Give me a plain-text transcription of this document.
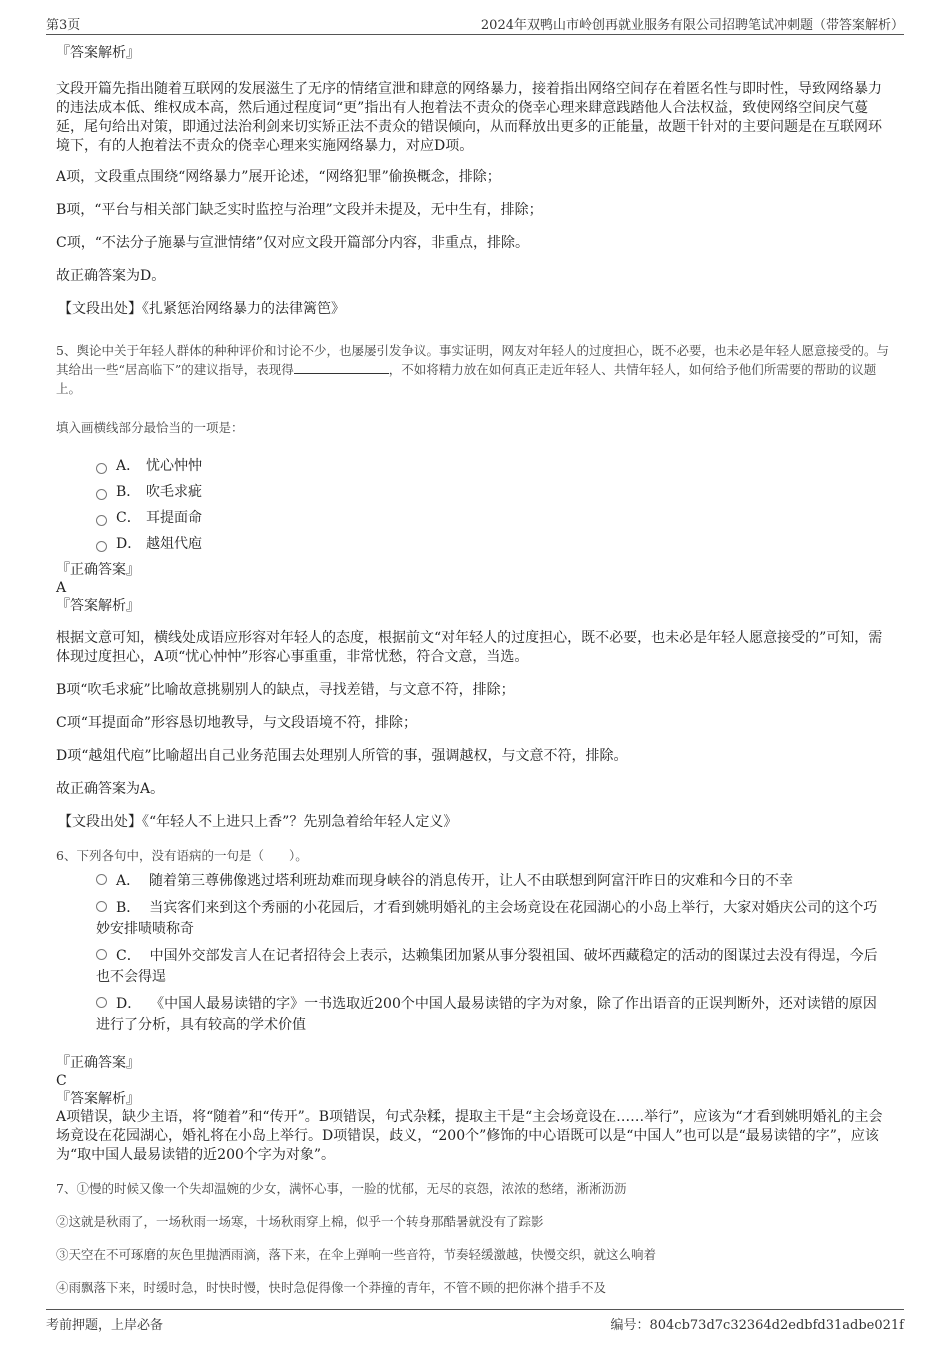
第3页	2024年双鸭山市岭创再就业服务有限公司招聘笔试冲刺题（带答案解析）

『答案解析』

文段开篇先指出随着互联网的发展滋生了无序的情绪宣泄和肆意的网络暴力，接着指出网络空间存在着匿名性与即时性，导致网络暴力的违法成本低、维权成本高，然后通过程度词“更”指出有人抱着法不责众的侥幸心理来肆意践踏他人合法权益，致使网络空间戾气蔓延，尾句给出对策，即通过法治利剑来切实矫正法不责众的错误倾向，从而释放出更多的正能量，故题干针对的主要问题是在互联网环境下，有的人抱着法不责众的侥幸心理来实施网络暴力，对应D项。

A项，文段重点围绕“网络暴力”展开论述，“网络犯罪”偷换概念，排除；

B项，“平台与相关部门缺乏实时监控与治理”文段并未提及，无中生有，排除；

C项，“不法分子施暴与宣泄情绪”仅对应文段开篇部分内容，非重点，排除。

故正确答案为D。

【文段出处】《扎紧惩治网络暴力的法律篱笆》

5、舆论中关于年轻人群体的种种评价和讨论不少，也屡屡引发争议。事实证明，网友对年轻人的过度担心，既不必要，也未必是年轻人愿意接受的。与其给出一些“居高临下”的建议指导，表现得	，不如将精力放在如何真正走近年轻人、共情年轻人，如何给予他们所需要的帮助的议题上。

填入画横线部分最恰当的一项是：

A． 忧心忡忡
B． 吹毛求疵
C． 耳提面命
D． 越俎代庖

『正确答案』

A

『答案解析』

根据文意可知，横线处成语应形容对年轻人的态度，根据前文“对年轻人的过度担心，既不必要，也未必是年轻人愿意接受的”可知，需体现过度担心，A项“忧心忡忡”形容心事重重，非常忧愁，符合文意，当选。

B项“吹毛求疵”比喻故意挑剔别人的缺点，寻找差错，与文意不符，排除；

C项“耳提面命”形容恳切地教导，与文段语境不符，排除；

D项“越俎代庖”比喻超出自己业务范围去处理别人所管的事，强调越权，与文意不符，排除。

故正确答案为A。

【文段出处】《“年轻人不上进只上香”？先别急着给年轻人定义》

6、下列各句中，没有语病的一句是（　　）。

A． 随着第三尊佛像逃过塔利班劫难而现身峡谷的消息传开，让人不由联想到阿富汗昨日的灾难和今日的不幸
B． 当宾客们来到这个秀丽的小花园后，才看到姚明婚礼的主会场竟设在花园湖心的小岛上举行，大家对婚庆公司的这个巧妙安排啧啧称奇
C． 中国外交部发言人在记者招待会上表示，达赖集团加紧从事分裂祖国、破坏西藏稳定的活动的图谋过去没有得逞，今后也不会得逞
D． 《中国人最易读错的字》一书选取近200个中国人最易读错的字为对象，除了作出语音的正误判断外，还对读错的原因进行了分析，具有较高的学术价值

『正确答案』

C

『答案解析』

A项错误，缺少主语，将“随着”和“传开”。B项错误，句式杂糅，提取主干是“主会场竟设在……举行”，应该为“才看到姚明婚礼的主会场竟设在花园湖心，婚礼将在小岛上举行。D项错误，歧义，“200个”修饰的中心语既可以是“中国人”也可以是“最易读错的字”，应该为“取中国人最易读错的近200个字为对象”。

7、①慢的时候又像一个失却温婉的少女，满怀心事，一脸的忧郁，无尽的哀怨，浓浓的愁绪，淅淅沥沥

②这就是秋雨了，一场秋雨一场寒，十场秋雨穿上棉，似乎一个转身那酷暑就没有了踪影

③天空在不可琢磨的灰色里抛洒雨滴，落下来，在伞上弹响一些音符，节奏轻缓激越，快慢交织，就这么响着

④雨飘落下来，时缓时急，时快时慢，快时急促得像一个莽撞的青年，不管不顾的把你淋个措手不及

考前押题，上岸必备	编号：804cb73d7c32364d2edbfd31adbe021f
